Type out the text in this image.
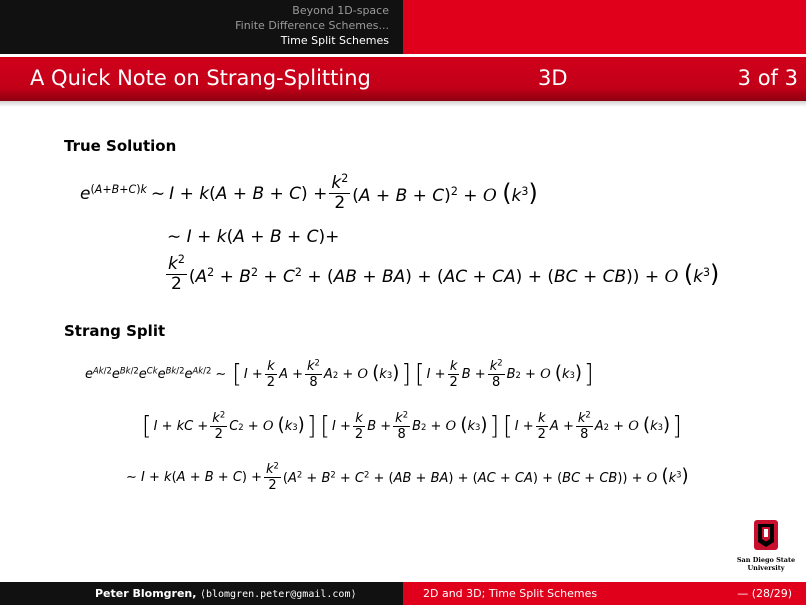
Beyond 1D-space
Finite Difference Schemes...
Time Split Schemes
A Quick Note on Strang-Splitting	3D	3 of 3
True Solution
$e^{(A+B+C)k}$ ∼ $I + k(A + B + C) + \frac{k^2}{2} (A + B + C)^2 + O$ $(k^3)$
∼ I + k(A + B + C)+
$\frac{k^2}{2} (A^2 + B^2 + C^2 + (AB + BA) + (AC + CA) + (BC + CB)) + O$ $(k^3)$
Strang Split
$e^{Ak/2}e^{Bk/2}e^{Ck}e^{Bk/2}e^{Ak/2}$ ∼ [ $I + \frac{k}{2}$ $A + \frac{k^2}{8}$ A 2 + O
( k 3 ) ] [ $I + \frac{k}{2}$ $B + \frac{k^2}{8}$ B 2 + O
( k 3 ) ]
[ I + kC + $\frac{k^2}{2}$ C 2 + O
( k 3 ) ] [ $I + \frac{k}{2}$ $B + \frac{k^2}{8}$ B 2 + O
( k 3 ) ] [ $I + \frac{k}{2}$ $A + \frac{k^2}{8}$ A 2 + O
( k 3 ) ]
∼ $I + k(A + B + C) + \frac{k^2}{2} (A^2 + B^2 + C^2 + (AB + BA) + (AC + CA) + (BC + CB)) + O$ $(k^3)$
San Diego State
University
Peter Blomgren, ⟨blomgren.peter@gmail.com⟩	2D and 3D; Time Split Schemes	— (28/29)
